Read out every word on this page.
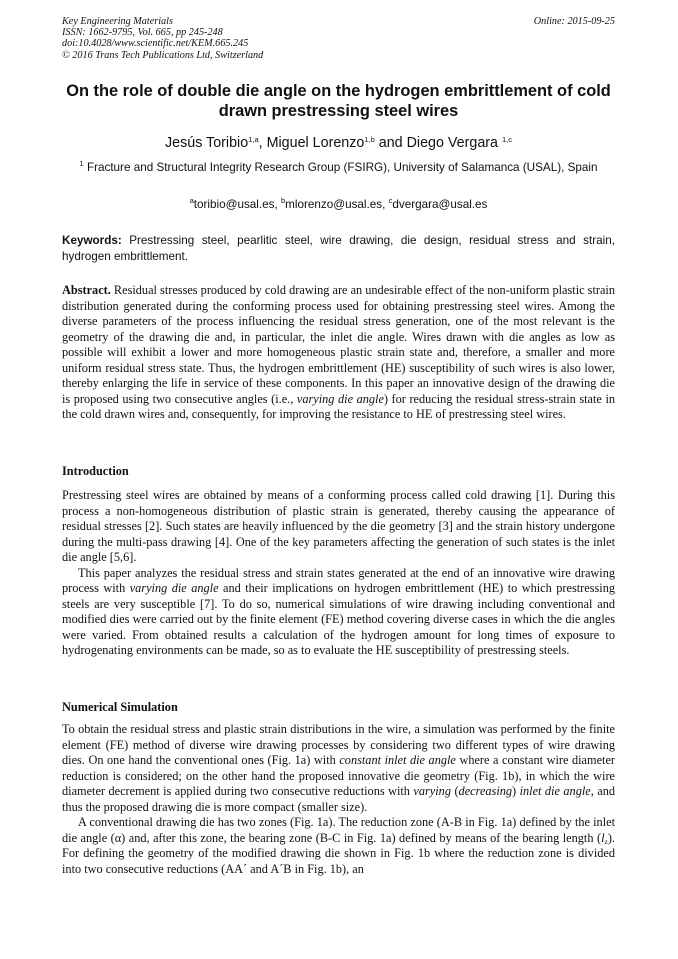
Key Engineering Materials
ISSN: 1662-9795, Vol. 665, pp 245-248
doi:10.4028/www.scientific.net/KEM.665.245
© 2016 Trans Tech Publications Ltd, Switzerland
Online: 2015-09-25
On the role of double die angle on the hydrogen embrittlement of cold drawn prestressing steel wires
Jesús Toribio$^{1,a}$, Miguel Lorenzo$^{1,b}$ and Diego Vergara $^{1,c}$
$^1$ Fracture and Structural Integrity Research Group (FSIRG), University of Salamanca (USAL), Spain
$^a$toribio@usal.es, $^b$mlorenzo@usal.es, $^c$dvergara@usal.es
Keywords: Prestressing steel, pearlitic steel, wire drawing, die design, residual stress and strain, hydrogen embrittlement.

Abstract. Residual stresses produced by cold drawing are an undesirable effect of the non-uniform plastic strain distribution generated during the conforming process used for obtaining prestressing steel wires. Among the diverse parameters of the process influencing the residual stress generation, one of the most relevant is the geometry of the drawing die and, in particular, the inlet die angle. Wires drawn with die angles as low as possible will exhibit a lower and more homogeneous plastic strain state and, therefore, a smaller and more uniform residual stress state. Thus, the hydrogen embrittlement (HE) susceptibility of such wires is also lower, thereby enlarging the life in service of these components. In this paper an innovative design of the drawing die is proposed using two consecutive angles (i.e., varying die angle) for reducing the residual stress-strain state in the cold drawn wires and, consequently, for improving the resistance to HE of prestressing steel wires.

Introduction

Prestressing steel wires are obtained by means of a conforming process called cold drawing [1]. During this process a non-homogeneous distribution of plastic strain is generated, thereby causing the appearance of residual stresses [2]. Such states are heavily influenced by the die geometry [3] and the strain history undergone during the multi-pass drawing [4]. One of the key parameters affecting the generation of such states is the inlet die angle [5,6].

This paper analyzes the residual stress and strain states generated at the end of an innovative wire drawing process with varying die angle and their implications on hydrogen embrittlement (HE) to which prestressing steels are very susceptible [7]. To do so, numerical simulations of wire drawing including conventional and modified dies were carried out by the finite element (FE) method covering diverse cases in which the die angles were varied. From obtained results a calculation of the hydrogen amount for long times of exposure to hydrogenating environments can be made, so as to evaluate the HE susceptibility of prestressing steels.

Numerical Simulation

To obtain the residual stress and plastic strain distributions in the wire, a simulation was performed by the finite element (FE) method of diverse wire drawing processes by considering two different types of wire drawing dies. On one hand the conventional ones (Fig. 1a) with constant inlet die angle where a constant wire diameter reduction is considered; on the other hand the proposed innovative die geometry (Fig. 1b), in which the wire diameter decrement is applied during two consecutive reductions with varying (decreasing) inlet die angle, and thus the proposed drawing die is more compact (smaller size).

A conventional drawing die has two zones (Fig. 1a). The reduction zone (A-B in Fig. 1a) defined by the inlet die angle (α) and, after this zone, the bearing zone (B-C in Fig. 1a) defined by means of the bearing length $(l_z)$. For defining the geometry of the modified drawing die shown in Fig. 1b where the reduction zone is divided into two consecutive reductions (AA´ and A´B in Fig. 1b), an
